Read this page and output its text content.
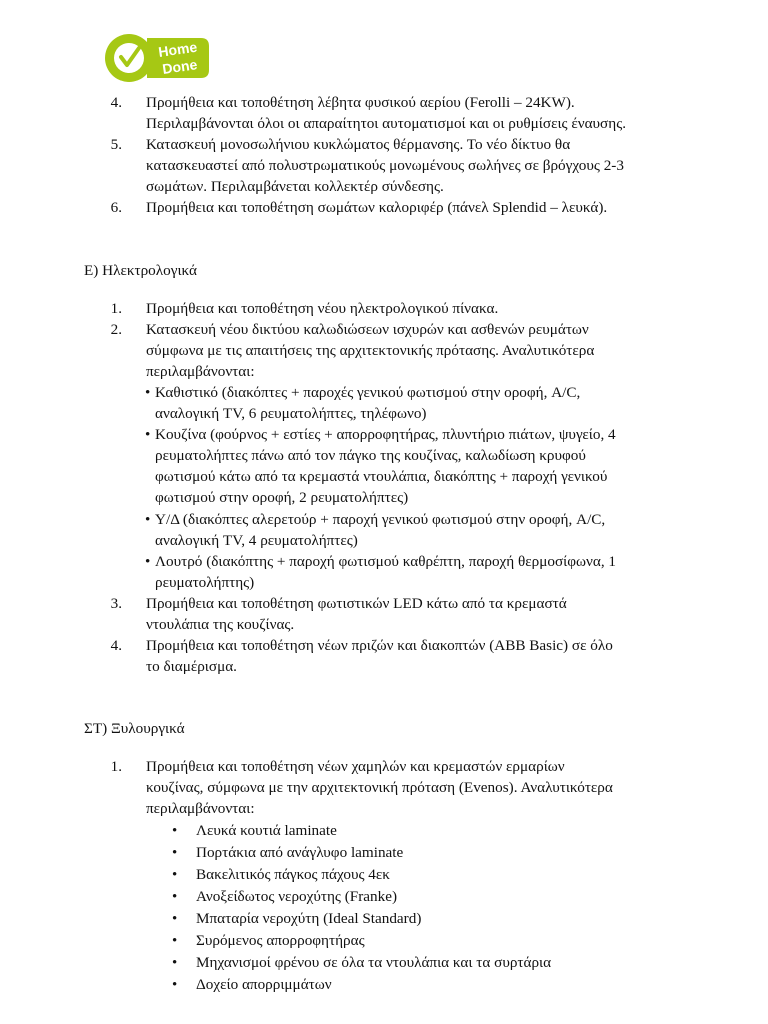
Home
Done
4. Προμήθεια και τοποθέτηση λέβητα φυσικού αερίου (Ferolli – 24KW).
Περιλαμβάνονται όλοι οι απαραίτητοι αυτοματισμοί και οι ρυθμίσεις έναυσης.
5. Κατασκευή μονοσωλήνιου κυκλώματος θέρμανσης. Το νέο δίκτυο θα
κατασκευαστεί από πολυστρωματικούς μονωμένους σωλήνες σε βρόγχους 2-3
σωμάτων. Περιλαμβάνεται κολλεκτέρ σύνδεσης.
6. Προμήθεια και τοποθέτηση σωμάτων καλοριφέρ (πάνελ Splendid – λευκά).
Ε) Ηλεκτρολογικά
1. Προμήθεια και τοποθέτηση νέου ηλεκτρολογικού πίνακα.
2. Κατασκευή νέου δικτύου καλωδιώσεων ισχυρών και ασθενών ρευμάτων
σύμφωνα με τις απαιτήσεις της αρχιτεκτονικής πρότασης. Αναλυτικότερα
περιλαμβάνονται:
• Καθιστικό (διακόπτες + παροχές γενικού φωτισμού στην οροφή, A/C,
αναλογική TV, 6 ρευματολήπτες, τηλέφωνο)
• Κουζίνα (φούρνος + εστίες + απορροφητήρας, πλυντήριο πιάτων, ψυγείο, 4
ρευματολήπτες πάνω από τον πάγκο της κουζίνας, καλωδίωση κρυφού
φωτισμού κάτω από τα κρεμαστά ντουλάπια, διακόπτης + παροχή γενικού
φωτισμού στην οροφή, 2 ρευματολήπτες)
• Υ/Δ (διακόπτες αλερετούρ + παροχή γενικού φωτισμού στην οροφή, A/C,
αναλογική TV, 4 ρευματολήπτες)
• Λουτρό (διακόπτης + παροχή φωτισμού καθρέπτη, παροχή θερμοσίφωνα, 1
ρευματολήπτης)
3. Προμήθεια και τοποθέτηση φωτιστικών LED κάτω από τα κρεμαστά
ντουλάπια της κουζίνας.
4. Προμήθεια και τοποθέτηση νέων πριζών και διακοπτών (ABB Basic) σε όλο
το διαμέρισμα.
ΣΤ) Ξυλουργικά
1. Προμήθεια και τοποθέτηση νέων χαμηλών και κρεμαστών ερμαρίων
κουζίνας, σύμφωνα με την αρχιτεκτονική πρόταση (Evenos). Αναλυτικότερα
περιλαμβάνονται:
• Λευκά κουτιά laminate
• Πορτάκια από ανάγλυφο laminate
• Βακελιτικός πάγκος πάχους 4εκ
• Ανοξείδωτος νεροχύτης (Franke)
• Μπαταρία νεροχύτη (Ideal Standard)
• Συρόμενος απορροφητήρας
• Μηχανισμοί φρένου σε όλα τα ντουλάπια και τα συρτάρια
• Δοχείο απορριμμάτων
